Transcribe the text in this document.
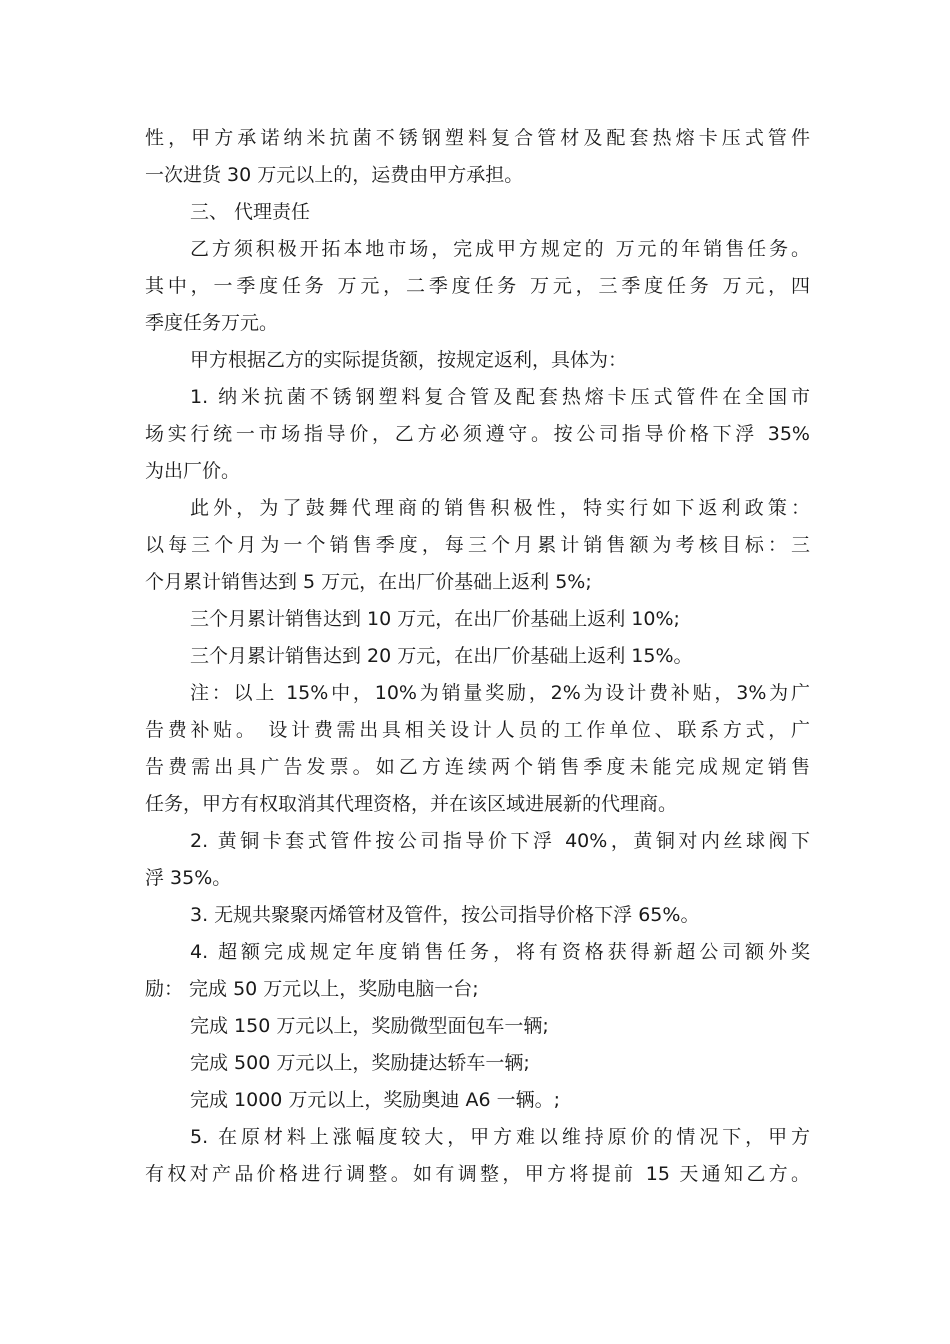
性，甲方承诺纳米抗菌不锈钢塑料复合管材及配套热熔卡压式管件
一次进货 30 万元以上的，运费由甲方承担。
三、 代理责任
乙方须积极开拓本地市场，完成甲方规定的 万元的年销售任务。
其中，一季度任务 万元，二季度任务 万元，三季度任务 万元，四
季度任务万元。
甲方根据乙方的实际提货额，按规定返利，具体为：
1. 纳米抗菌不锈钢塑料复合管及配套热熔卡压式管件在全国市
场实行统一市场指导价，乙方必须遵守。按公司指导价格下浮 35%
为出厂价。
此外，为了鼓舞代理商的销售积极性，特实行如下返利政策：
以每三个月为一个销售季度，每三个月累计销售额为考核目标：三
个月累计销售达到 5 万元，在出厂价基础上返利 5%;
三个月累计销售达到 10 万元，在出厂价基础上返利 10%;
三个月累计销售达到 20 万元，在出厂价基础上返利 15%。
注：以上 15%中，10%为销量奖励，2%为设计费补贴，3%为广
告费补贴。 设计费需出具相关设计人员的工作单位、联系方式，广
告费需出具广告发票。如乙方连续两个销售季度未能完成规定销售
任务，甲方有权取消其代理资格，并在该区域进展新的代理商。
2. 黄铜卡套式管件按公司指导价下浮 40%，黄铜对内丝球阀下
浮 35%。
3. 无规共聚聚丙烯管材及管件，按公司指导价格下浮 65%。
4. 超额完成规定年度销售任务，将有资格获得新超公司额外奖
励： 完成 50 万元以上，奖励电脑一台;
完成 150 万元以上，奖励微型面包车一辆;
完成 500 万元以上，奖励捷达轿车一辆;
完成 1000 万元以上，奖励奥迪 A6 一辆。;
5. 在原材料上涨幅度较大，甲方难以维持原价的情况下，甲方
有权对产品价格进行调整。如有调整，甲方将提前 15 天通知乙方。
